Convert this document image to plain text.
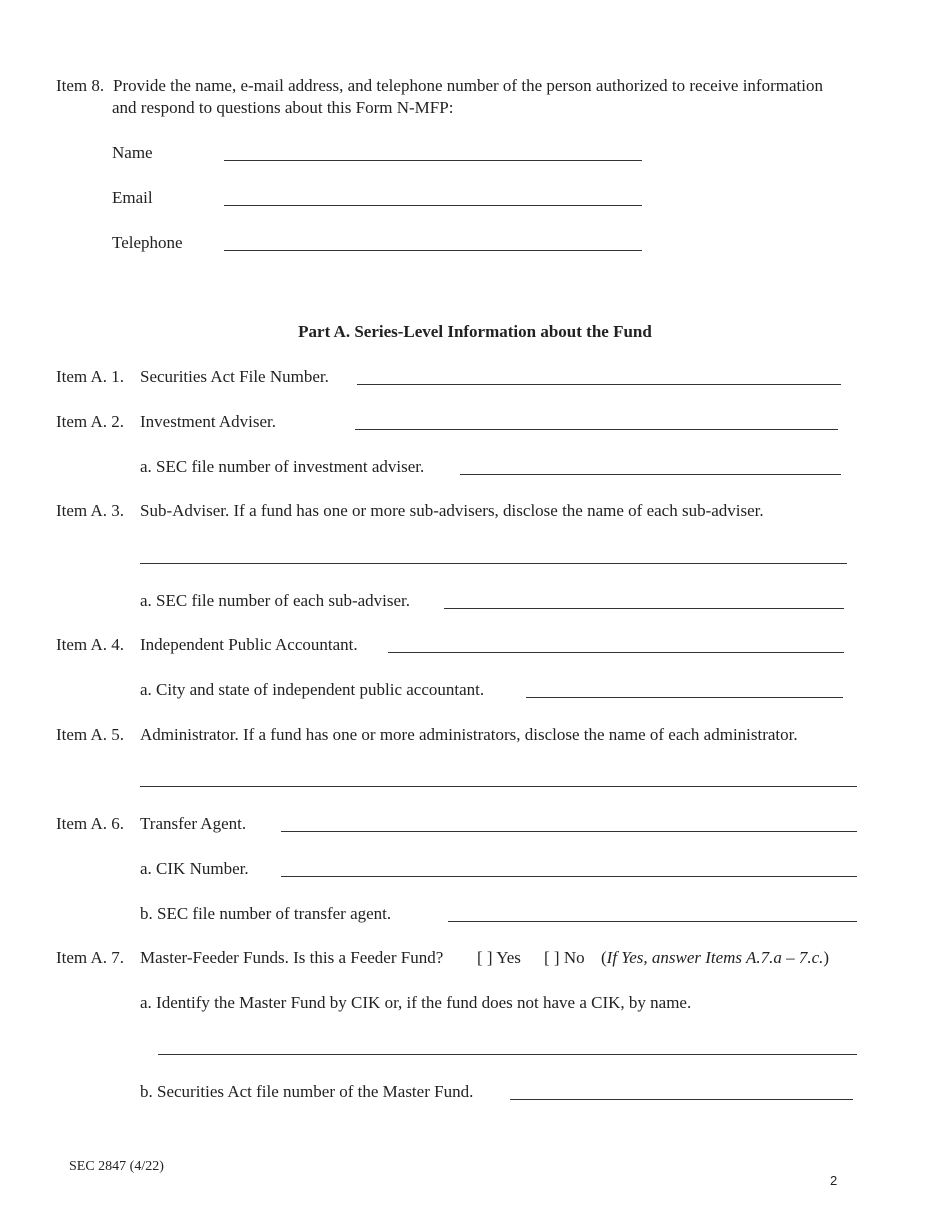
Item 8. Provide the name, e-mail address, and telephone number of the person authorized to receive information
and respond to questions about this Form N-MFP:
Name
Email
Telephone
Part A. Series-Level Information about the Fund
Item A. 1. Securities Act File Number.
Item A. 2. Investment Adviser.
a. SEC file number of investment adviser.
Item A. 3. Sub-Adviser. If a fund has one or more sub-advisers, disclose the name of each sub-adviser.
a. SEC file number of each sub-adviser.
Item A. 4. Independent Public Accountant.
a. City and state of independent public accountant.
Item A. 5. Administrator. If a fund has one or more administrators, disclose the name of each administrator.
Item A. 6. Transfer Agent.
a. CIK Number.
b. SEC file number of transfer agent.
Item A. 7. Master-Feeder Funds. Is this a Feeder Fund? [ ] Yes [ ] No (If Yes, answer Items A.7.a – 7.c.)
a. Identify the Master Fund by CIK or, if the fund does not have a CIK, by name.
b. Securities Act file number of the Master Fund.
SEC 2847 (4/22)
2
